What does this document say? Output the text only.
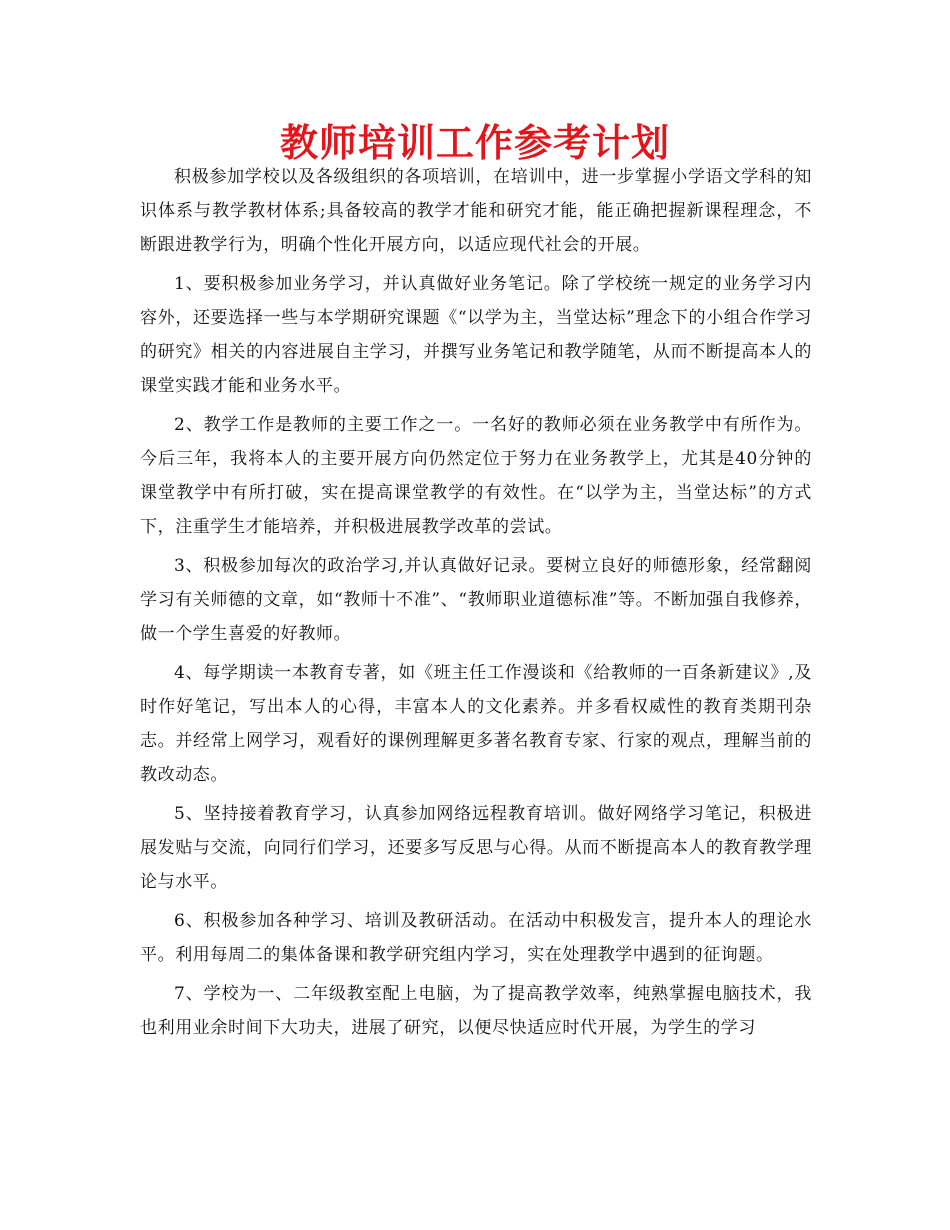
教师培训工作参考计划

积极参加学校以及各级组织的各项培训，在培训中，进一步掌握小学语文学科的知识体系与教学教材体系;具备较高的教学才能和研究才能，能正确把握新课程理念，不断跟进教学行为，明确个性化开展方向，以适应现代社会的开展。

1、要积极参加业务学习，并认真做好业务笔记。除了学校统一规定的业务学习内容外，还要选择一些与本学期研究课题《“以学为主，当堂达标”理念下的小组合作学习的研究》相关的内容进展自主学习，并撰写业务笔记和教学随笔，从而不断提高本人的课堂实践才能和业务水平。

2、教学工作是教师的主要工作之一。一名好的教师必须在业务教学中有所作为。今后三年，我将本人的主要开展方向仍然定位于努力在业务教学上，尤其是40分钟的课堂教学中有所打破，实在提高课堂教学的有效性。在“以学为主，当堂达标”的方式下，注重学生才能培养，并积极进展教学改革的尝试。

3、积极参加每次的政治学习,并认真做好记录。要树立良好的师德形象，经常翻阅学习有关师德的文章，如“教师十不准”、“教师职业道德标准”等。不断加强自我修养，做一个学生喜爱的好教师。

4、每学期读一本教育专著，如《班主任工作漫谈和《给教师的一百条新建议》,及时作好笔记，写出本人的心得，丰富本人的文化素养。并多看权威性的教育类期刊杂志。并经常上网学习，观看好的课例理解更多著名教育专家、行家的观点，理解当前的教改动态。

5、坚持接着教育学习，认真参加网络远程教育培训。做好网络学习笔记，积极进展发贴与交流，向同行们学习，还要多写反思与心得。从而不断提高本人的教育教学理论与水平。

6、积极参加各种学习、培训及教研活动。在活动中积极发言，提升本人的理论水平。利用每周二的集体备课和教学研究组内学习，实在处理教学中遇到的征询题。

7、学校为一、二年级教室配上电脑，为了提高教学效率，纯熟掌握电脑技术，我也利用业余时间下大功夫，进展了研究，以便尽快适应时代开展，为学生的学习
